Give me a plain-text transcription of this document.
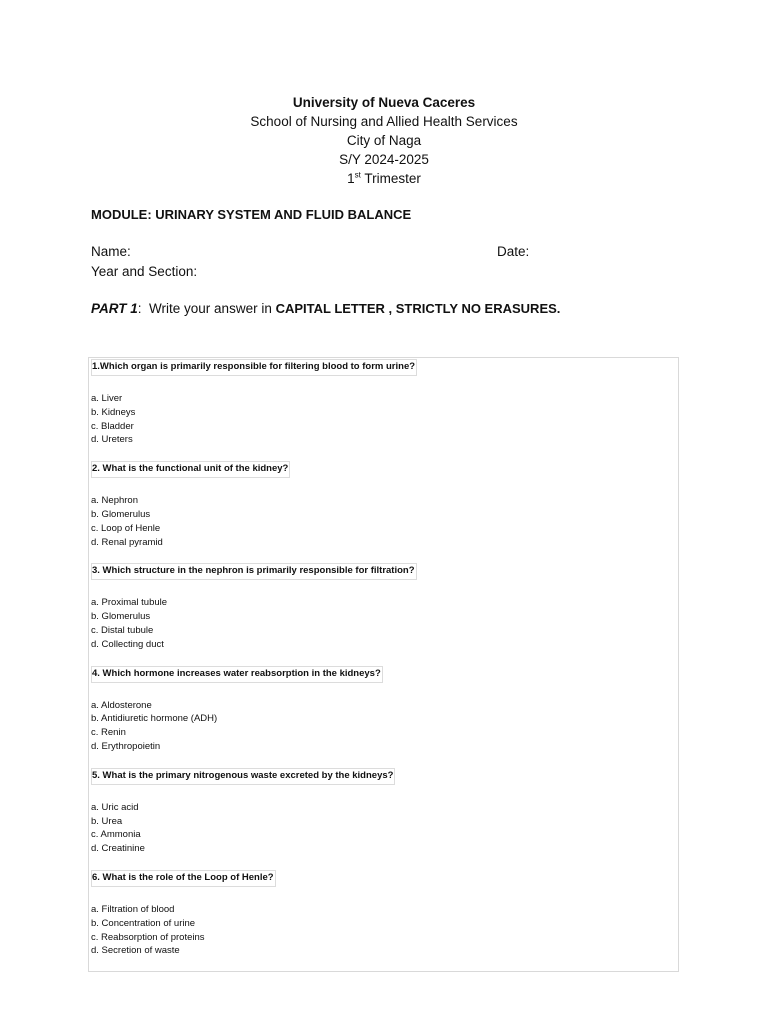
University of Nueva Caceres
School of Nursing and Allied Health Services
City of Naga
S/Y 2024-2025
1st Trimester
MODULE: URINARY SYSTEM AND FLUID BALANCE
Name:	Date:
Year and Section:
PART 1:  Write your answer in CAPITAL LETTER , STRICTLY NO ERASURES.
1.Which organ is primarily responsible for filtering blood to form urine?
a. Liver
b. Kidneys
c. Bladder
d. Ureters
2. What is the functional unit of the kidney?
a. Nephron
b. Glomerulus
c. Loop of Henle
d. Renal pyramid
3. Which structure in the nephron is primarily responsible for filtration?
a. Proximal tubule
b. Glomerulus
c. Distal tubule
d. Collecting duct
4. Which hormone increases water reabsorption in the kidneys?
a. Aldosterone
b. Antidiuretic hormone (ADH)
c. Renin
d. Erythropoietin
5. What is the primary nitrogenous waste excreted by the kidneys?
a. Uric acid
b. Urea
c. Ammonia
d. Creatinine
6. What is the role of the Loop of Henle?
a. Filtration of blood
b. Concentration of urine
c. Reabsorption of proteins
d. Secretion of waste
